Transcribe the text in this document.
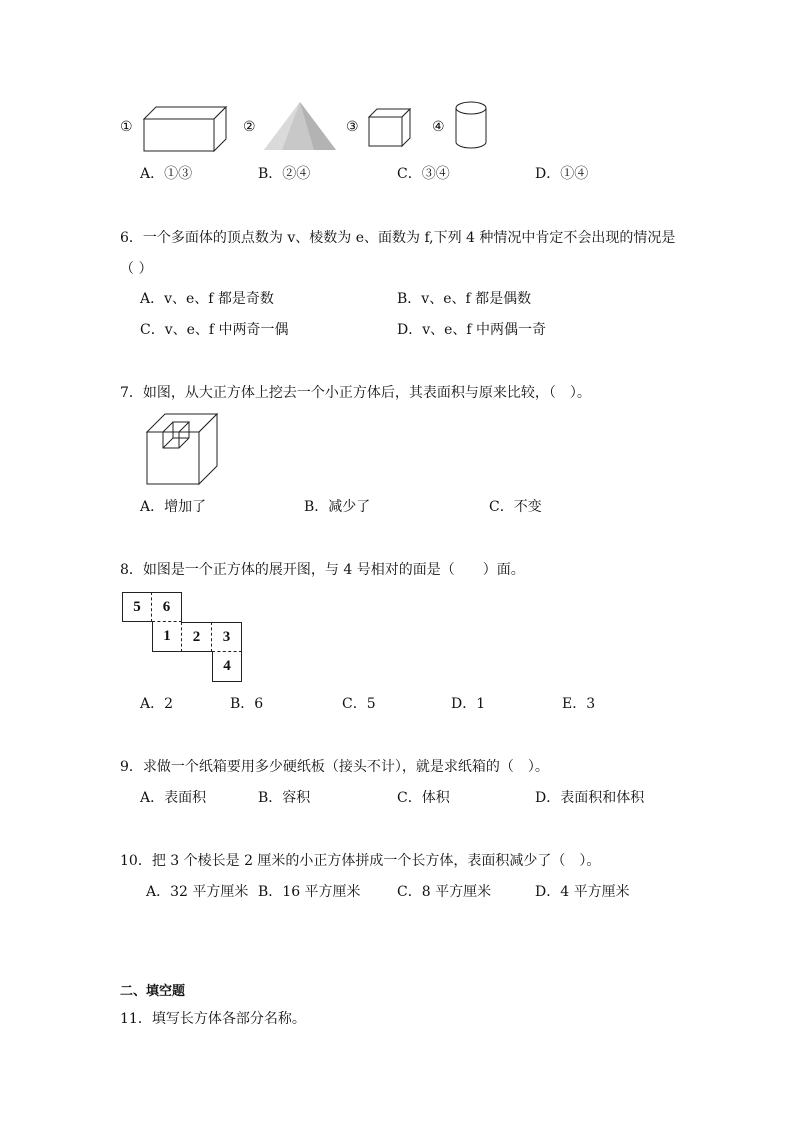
①	②	③	④
A．①③	B．②④	C．③④	D．①④
6．一个多面体的顶点数为 v、棱数为 e、面数为 f,下列 4 种情况中肯定不会出现的情况是
（ ）
A．v、e、f 都是奇数	B．v、e、f 都是偶数
C．v、e、f 中两奇一偶	D．v、e、f 中两偶一奇
7．如图，从大正方体上挖去一个小正方体后，其表面积与原来比较，（　）。
A．增加了	B．减少了	C．不变
8．如图是一个正方体的展开图，与 4 号相对的面是（　　）面。
5	6
1	2	3
4
A．2	B．6	C．5	D．1	E．3
9．求做一个纸箱要用多少硬纸板（接头不计），就是求纸箱的（　）。
A．表面积	B．容积	C．体积	D．表面积和体积
10．把 3 个棱长是 2 厘米的小正方体拼成一个长方体，表面积减少了（　）。
A．32 平方厘米 B．16 平方厘米	C．8 平方厘米	D．4 平方厘米
二、填空题
11．填写长方体各部分名称。
